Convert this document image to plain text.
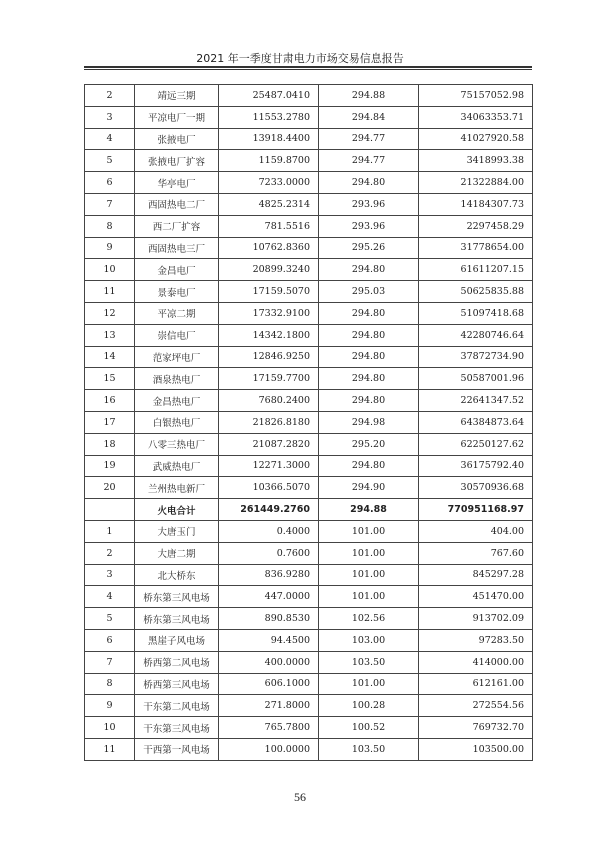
2021 年一季度甘肃电力市场交易信息报告
2	靖远三期	25487.0410	294.88	75157052.98
3	平凉电厂一期	11553.2780	294.84	34063353.71
4	张掖电厂	13918.4400	294.77	41027920.58
5	张掖电厂扩容	1159.8700	294.77	3418993.38
6	华亭电厂	7233.0000	294.80	21322884.00
7	西固热电二厂	4825.2314	293.96	14184307.73
8	西二厂扩容	781.5516	293.96	2297458.29
9	西固热电三厂	10762.8360	295.26	31778654.00
10	金昌电厂	20899.3240	294.80	61611207.15
11	景泰电厂	17159.5070	295.03	50625835.88
12	平凉二期	17332.9100	294.80	51097418.68
13	崇信电厂	14342.1800	294.80	42280746.64
14	范家坪电厂	12846.9250	294.80	37872734.90
15	酒泉热电厂	17159.7700	294.80	50587001.96
16	金昌热电厂	7680.2400	294.80	22641347.52
17	白银热电厂	21826.8180	294.98	64384873.64
18	八零三热电厂	21087.2820	295.20	62250127.62
19	武威热电厂	12271.3000	294.80	36175792.40
20	兰州热电新厂	10366.5070	294.90	30570936.68
	火电合计	261449.2760	294.88	770951168.97
1	大唐玉门	0.4000	101.00	404.00
2	大唐二期	0.7600	101.00	767.60
3	北大桥东	836.9280	101.00	845297.28
4	桥东第三风电场	447.0000	101.00	451470.00
5	桥东第三风电场	890.8530	102.56	913702.09
6	黑崖子风电场	94.4500	103.00	97283.50
7	桥西第二风电场	400.0000	103.50	414000.00
8	桥西第三风电场	606.1000	101.00	612161.00
9	干东第二风电场	271.8000	100.28	272554.56
10	干东第三风电场	765.7800	100.52	769732.70
11	干西第一风电场	100.0000	103.50	103500.00
56
